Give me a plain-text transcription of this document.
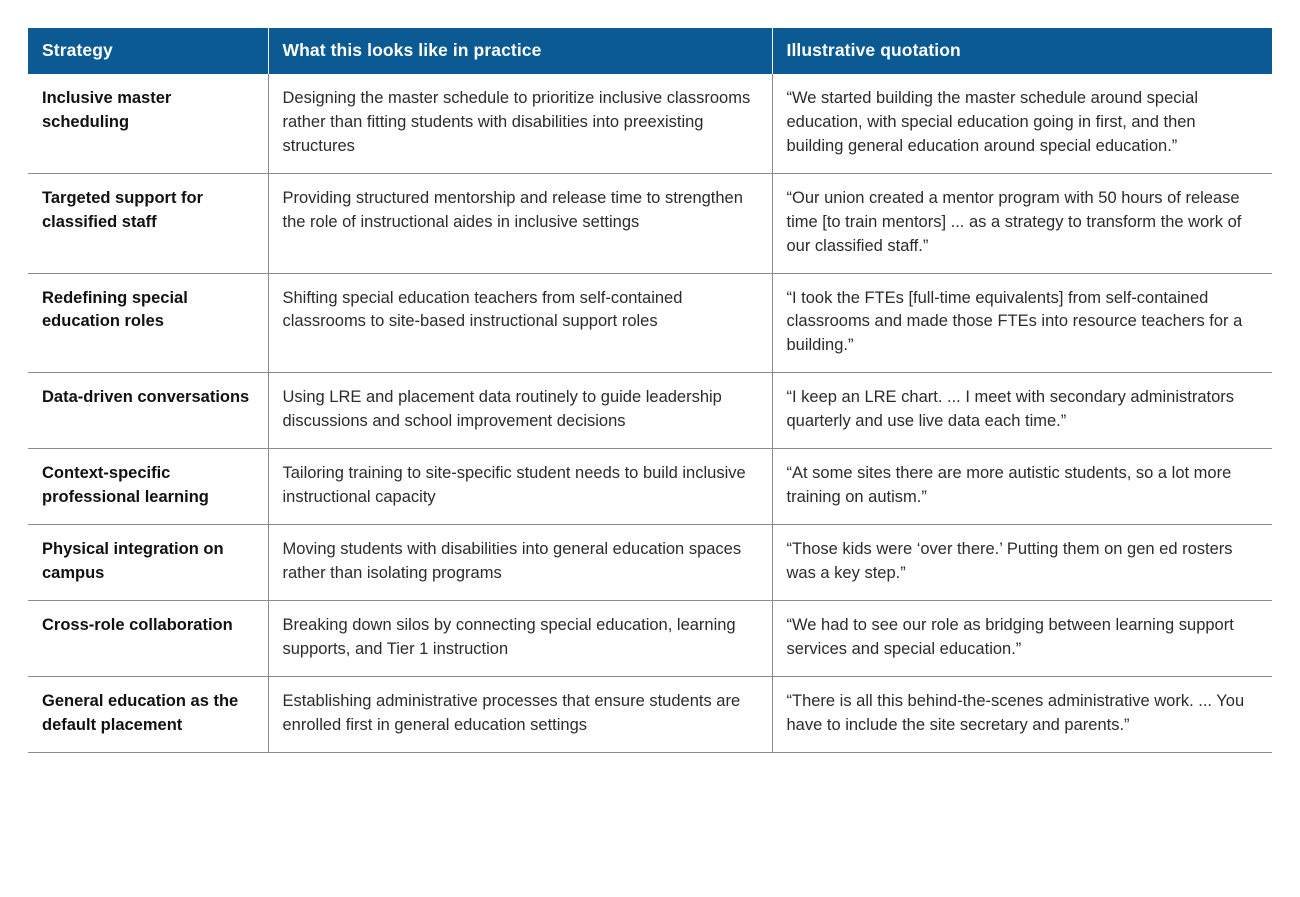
Strategy	What this looks like in practice	Illustrative quotation
Inclusive master scheduling	Designing the master schedule to prioritize inclusive classrooms rather than fitting students with disabilities into preexisting structures	“We started building the master schedule around special education, with special education going in first, and then building general education around special education.”
Targeted support for classified staff	Providing structured mentorship and release time to strengthen the role of instructional aides in inclusive settings	“Our union created a mentor program with 50 hours of release time [to train mentors] ... as a strategy to transform the work of our classified staff.”
Redefining special education roles	Shifting special education teachers from self-contained classrooms to site-based instructional support roles	“I took the FTEs [full-time equivalents] from self-contained classrooms and made those FTEs into resource teachers for a building.”
Data-driven conversations	Using LRE and placement data routinely to guide leadership discussions and school improvement decisions	“I keep an LRE chart. ... I meet with secondary administrators quarterly and use live data each time.”
Context-specific professional learning	Tailoring training to site-specific student needs to build inclusive instructional capacity	“At some sites there are more autistic students, so a lot more training on autism.”
Physical integration on campus	Moving students with disabilities into general education spaces rather than isolating programs	“Those kids were ‘over there.’ Putting them on gen ed rosters was a key step.”
Cross-role collaboration	Breaking down silos by connecting special education, learning supports, and Tier 1 instruction	“We had to see our role as bridging between learning support services and special education.”
General education as the default placement	Establishing administrative processes that ensure students are enrolled first in general education settings	“There is all this behind-the-scenes administrative work. ... You have to include the site secretary and parents.”
